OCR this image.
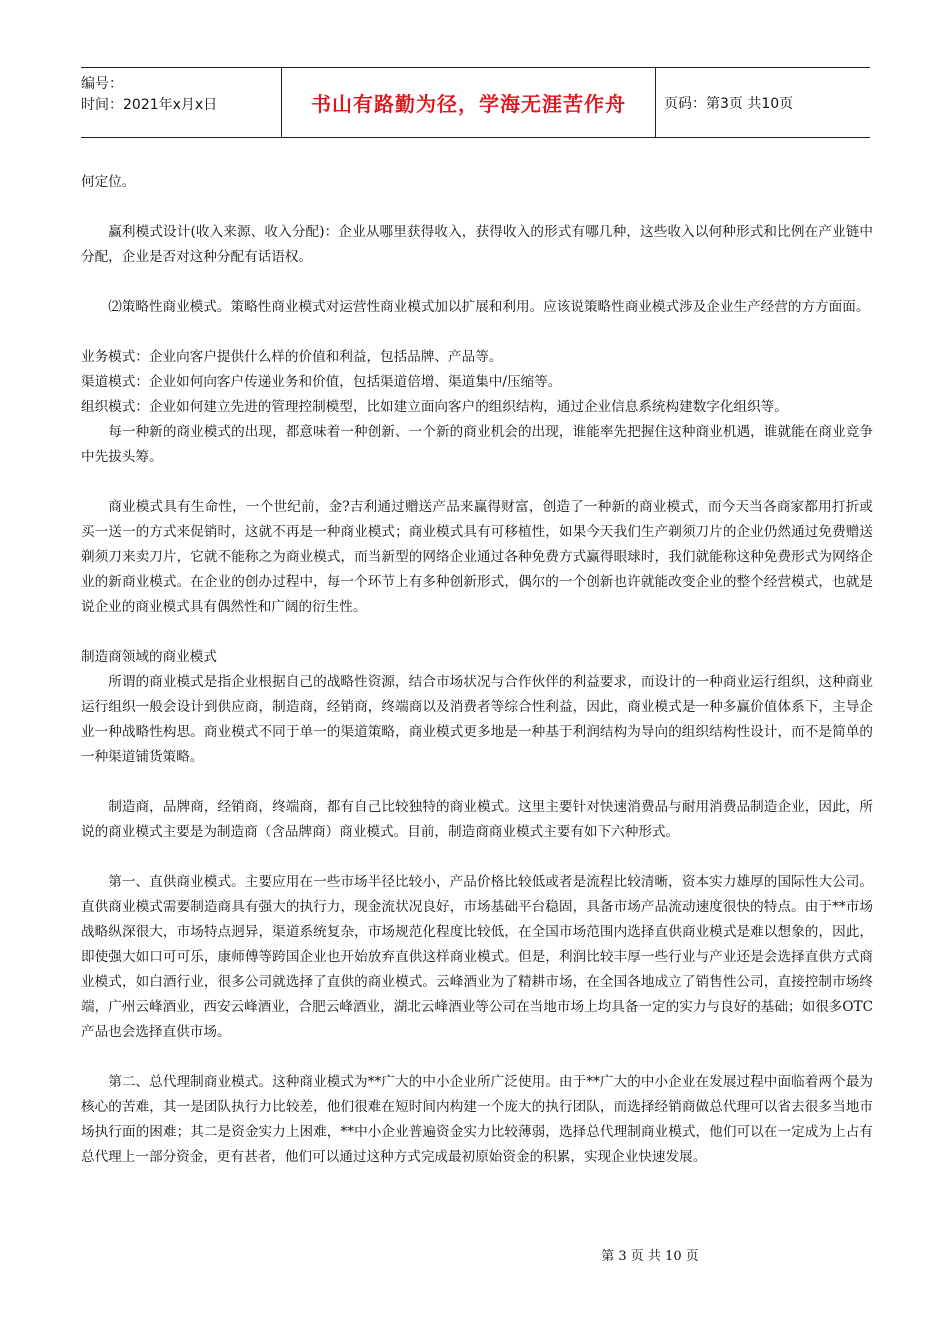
编号：
时间：2021年x月x日	书山有路勤为径，学海无涯苦作舟	页码：第3页 共10页

何定位。

赢利模式设计(收入来源、收入分配)：企业从哪里获得收入，获得收入的形式有哪几种，这些收入以何种形式和比例在产业链中分配，企业是否对这种分配有话语权。

⑵策略性商业模式。策略性商业模式对运营性商业模式加以扩展和利用。应该说策略性商业模式涉及企业生产经营的方方面面。

业务模式：企业向客户提供什么样的价值和利益，包括品牌、产品等。

渠道模式：企业如何向客户传递业务和价值，包括渠道倍增、渠道集中/压缩等。

组织模式：企业如何建立先进的管理控制模型，比如建立面向客户的组织结构，通过企业信息系统构建数字化组织等。

每一种新的商业模式的出现，都意味着一种创新、一个新的商业机会的出现，谁能率先把握住这种商业机遇，谁就能在商业竞争中先拔头筹。

商业模式具有生命性，一个世纪前，金?吉利通过赠送产品来赢得财富，创造了一种新的商业模式，而今天当各商家都用打折或买一送一的方式来促销时，这就不再是一种商业模式；商业模式具有可移植性，如果今天我们生产剃须刀片的企业仍然通过免费赠送剃须刀来卖刀片，它就不能称之为商业模式，而当新型的网络企业通过各种免费方式赢得眼球时，我们就能称这种免费形式为网络企业的新商业模式。在企业的创办过程中，每一个环节上有多种创新形式，偶尔的一个创新也许就能改变企业的整个经营模式，也就是说企业的商业模式具有偶然性和广阔的衍生性。

制造商领域的商业模式

所谓的商业模式是指企业根据自己的战略性资源，结合市场状况与合作伙伴的利益要求，而设计的一种商业运行组织，这种商业运行组织一般会设计到供应商，制造商，经销商，终端商以及消费者等综合性利益，因此，商业模式是一种多赢价值体系下，主导企业一种战略性构思。商业模式不同于单一的渠道策略，商业模式更多地是一种基于利润结构为导向的组织结构性设计，而不是简单的一种渠道铺货策略。

制造商，品牌商，经销商，终端商，都有自己比较独特的商业模式。这里主要针对快速消费品与耐用消费品制造企业，因此，所说的商业模式主要是为制造商（含品牌商）商业模式。目前，制造商商业模式主要有如下六种形式。

第一、直供商业模式。主要应用在一些市场半径比较小，产品价格比较低或者是流程比较清晰，资本实力雄厚的国际性大公司。直供商业模式需要制造商具有强大的执行力，现金流状况良好，市场基础平台稳固，具备市场产品流动速度很快的特点。由于**市场战略纵深很大，市场特点迥异，渠道系统复杂，市场规范化程度比较低，在全国市场范围内选择直供商业模式是难以想象的，因此，即使强大如口可可乐，康师傅等跨国企业也开始放弃直供这样商业模式。但是，利润比较丰厚一些行业与产业还是会选择直供方式商业模式，如白酒行业，很多公司就选择了直供的商业模式。云峰酒业为了精耕市场，在全国各地成立了销售性公司，直接控制市场终端，广州云峰酒业，西安云峰酒业，合肥云峰酒业，湖北云峰酒业等公司在当地市场上均具备一定的实力与良好的基础；如很多OTC产品也会选择直供市场。

第二、总代理制商业模式。这种商业模式为**广大的中小企业所广泛使用。由于**广大的中小企业在发展过程中面临着两个最为核心的苦难，其一是团队执行力比较差，他们很难在短时间内构建一个庞大的执行团队，而选择经销商做总代理可以省去很多当地市场执行面的困难；其二是资金实力上困难，**中小企业普遍资金实力比较薄弱，选择总代理制商业模式，他们可以在一定成为上占有总代理上一部分资金，更有甚者，他们可以通过这种方式完成最初原始资金的积累，实现企业快速发展。

第 3 页 共 10 页
